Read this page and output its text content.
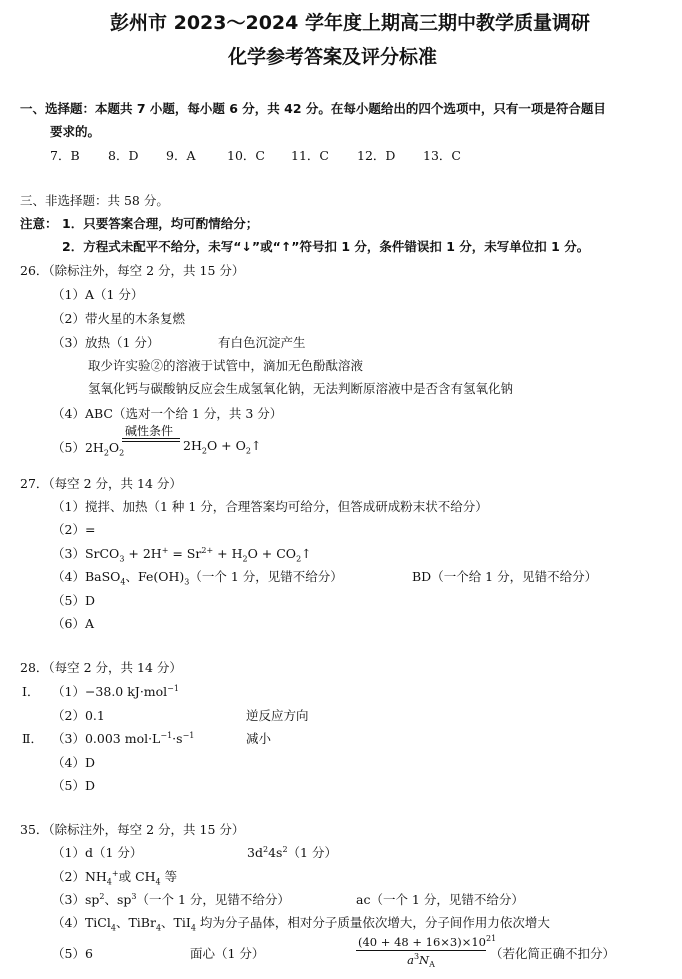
彭州市 2023～2024 学年度上期高三期中教学质量调研
化学参考答案及评分标准
一、选择题：本题共 7 小题，每小题 6 分，共 42 分。在每小题给出的四个选项中，只有一项是符合题目
要求的。
7．B 8．D 9．A	10．C 11．C 12．D 13．C
三、非选择题：共 58 分。
注意： 1．只要答案合理，均可酌情给分；
2．方程式未配平不给分，未写“↓”或“↑”符号扣 1 分，条件错误扣 1 分，未写单位扣 1 分。
26．（除标注外，每空 2 分，共 15 分）
（1）A（1 分）
（2）带火星的木条复燃
（3）放热（1 分）	有白色沉淀产生
取少许实验②的溶液于试管中，滴加无色酚酞溶液
氢氧化钙与碳酸钠反应会生成氢氧化钠，无法判断原溶液中是否含有氢氧化钠
（4）ABC（选对一个给 1 分，共 3 分）
$(5)2H_2O_2$
碱性条件
$2H_2O$ + $O_2↑$
27．（每空 2 分，共 14 分）
（1）搅拌、加热（1 种 1 分，合理答案均可给分，但答成研成粉末状不给分）
（2）=
（3）SrCO$_3$ + $2H^+ = Sr^{2+} + H_2O$ + $CO_2↑$
（4）BaSO$_4$、$Fe(OH)_3$（一个 1 分，见错不给分）	BD（一个给 1 分，见错不给分）
（5）D
（6）A
28．（每空 2 分，共 14 分）
Ⅰ． （1）−38.0 kJ·mol$^{-1}$
（2）0.1	逆反应方向
Ⅱ． （3）0.003 $mol\cdot L^{-1}\cdot s^{-1}$	减小
（4）D
（5）D
35．（除标注外，每空 2 分，共 15 分）
（1）d（1 分）	$3d^24s^2(1$ 分）
$(2)NH_4^+$或 $CH_4$ 等
$(3)sp^2$、$sp^3$（一个 1 分，见错不给分）	ac（一个 1 分，见错不给分）
（4）TiCl$_4$、TiBr$_4$、TiI$_4$ 均为分子晶体，相对分子质量依次增大，分子间作用力依次增大
（5）6	面心（1 分）	$\frac{(40 + 48 + 16\times 3)\times 10^{21}}{a^3N_A}$ （若化简正确不扣分）
